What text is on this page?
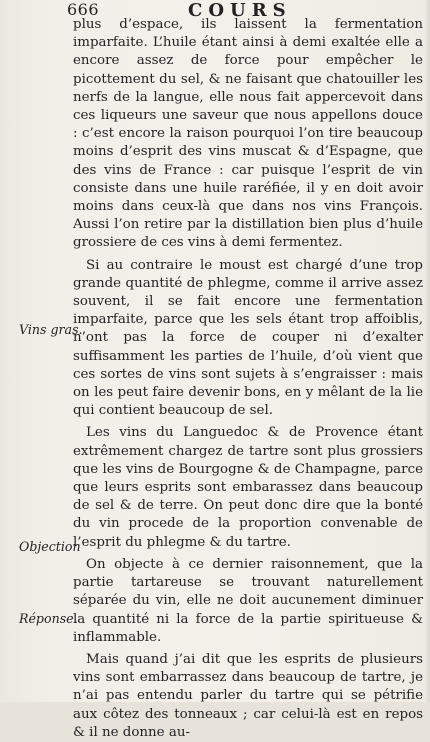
666	COURS
Vins gras.
Objection
Réponse.

plus d’espace, ils laissent la fermentation imparfaite. L’huile étant ainsi à demi exaltée elle a encore assez de force pour empêcher le picottement du sel, & ne faisant que chatouiller les nerfs de la langue, elle nous fait appercevoit dans ces liqueurs une saveur que nous appellons douce : c’est encore la raison pourquoi l’on tire beaucoup moins d’esprit des vins muscat & d’Espagne, que des vins de France : car puisque l’esprit de vin consiste dans une huile raréfiée, il y en doit avoir moins dans ceux-là que dans nos vins François. Aussi l’on retire par la distillation bien plus d’huile grossiere de ces vins à demi fermentez.

Si au contraire le moust est chargé d’une trop grande quantité de phlegme, comme il arrive assez souvent, il se fait encore une fermentation imparfaite, parce que les sels étant trop affoiblis, n’ont pas la force de couper ni d’exalter suffisamment les parties de l’huile, d’où vient que ces sortes de vins sont sujets à s’engraisser : mais on les peut faire devenir bons, en y mêlant de la lie qui contient beaucoup de sel.

Les vins du Languedoc & de Provence étant extrêmement chargez de tartre sont plus grossiers que les vins de Bourgogne & de Champagne, parce que leurs esprits sont embarassez dans beaucoup de sel & de terre. On peut donc dire que la bonté du vin procede de la proportion convenable de l’esprit du phlegme & du tartre.

On objecte à ce dernier raisonnement, que la partie tartareuse se trouvant naturellement séparée du vin, elle ne doit aucunement diminuer la quantité ni la force de la partie spiritueuse & inflammable.

Mais quand j’ai dit que les esprits de plusieurs vins sont embarrassez dans beaucoup de tartre, je n’ai pas entendu parler du tartre qui se pétrifie aux côtez des tonneaux ; car celui-là est en repos & il ne donne au-
